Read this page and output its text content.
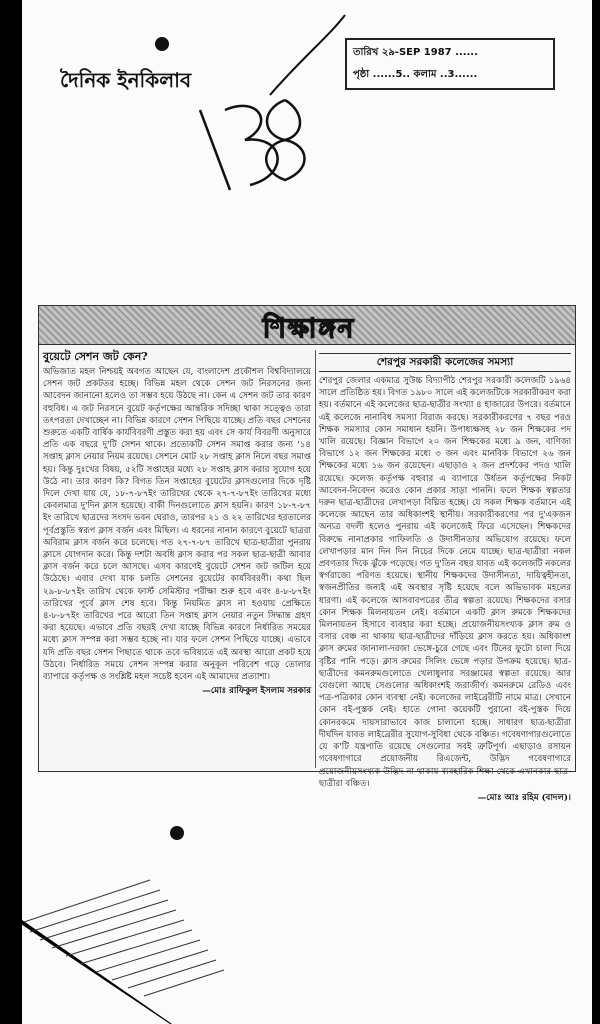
তারিখ ২৯-SEP 1987 ......
পৃষ্ঠা ......5.. কলাম ..3......
দৈনিক ইনকিলাব
শিক্ষাঙ্গন

বুয়েটে সেশন জট কেন?
অভিজাত মহল নিশ্চয়ই অবগত আছেন যে, বাংলাদেশ প্রকৌশল বিশ্ববিদ্যালয়ে সেশন জট প্রকটতর হচ্ছে। বিভিন্ন মহল থেকে সেশন জট নিরসনের জন্য আবেদন জানানো হলেও তা সম্ভব হয়ে উঠছে না। কেন এ সেশন জট তার কারণ বহুবিধ। এ জট নিরসনে বুয়েট কর্তৃপক্ষের আন্তরিক সদিচ্ছা থাকা সত্ত্বেও তারা তৎপরতা দেখাচ্ছেন না। বিভিন্ন কারণে সেশন পিছিয়ে যাচ্ছে। প্রতি বছর সেশনের শুরুতে একটি বার্ষিক কার্যবিবরণী প্রস্তুত করা হয় এবং সে কার্য বিবরণী অনুসারে প্রতি এক বছরে দু'টি সেশন থাকে। প্রত্যেকটি সেশন সমাপ্ত করার জন্য '১৪ সপ্তাহ ক্লাস নেয়ার নিয়ম রয়েছে। সেশনে মোট ২৮ সপ্তাহ ক্লাস নিলে বছর সমাপ্ত হয়। কিন্তু দুঃখের বিষয়, ৫২টি সপ্তাহের মধ্যে ২৮ সপ্তাহ ক্লাস করার সুযোগ হয়ে উঠে না। তার কারণ কি? বিগত তিন সপ্তাহের বুয়েটের ক্লাসগুলোর দিকে দৃষ্টি দিলে দেখা যায় যে, ১৮-৭-৮৭ইং তারিখের থেকে ২৭-৭-৮৭ইং তারিখের মধ্যে কেবলমাত্র দু'দিন ক্লাস হয়েছে। বাকী দিনগুলোতে ক্লাস হয়নি। কারণ ১৮-৭-৮৭ ইং তারিখে ছাত্রদের সংসদ ভবন ঘেরাও, তারপর ২১ ও ২২ তারিখের হরতালের পূর্বপ্রস্তুতি স্বরূপ ক্লাস বর্জন এবং মিছিল। এ ধরনের নানান কারণে বুয়েটে ছাত্ররা অবিরাম ক্লাস বর্জন করে চলেছে। গত ২৭-৭-৮৭ তারিখে ছাত্র-ছাত্রীরা পুনরায় ক্লাসে যোগদান করে। কিন্তু দশটা অবধি ক্লাস করার পর সকল ছাত্র-ছাত্রী আবার ক্লাস বর্জন করে চলে আসছে। এসব কারণেই বুয়েটে সেশন জট জটিল হয়ে উঠেছে। এবার দেখা যাক চলতি সেশনের বুয়েটের কার্যবিবরণী। কথা ছিল ২৯-৮-৮৭ইং তারিখ থেকে ফার্স্ট সেমিস্টার পরীক্ষা শুরু হবে এবং ৪-৮-৮৭ইং তারিখের পূর্বে ক্লাস শেষ হবে। কিন্তু নিয়মিত ক্লাস না হওয়ায় প্রেক্ষিতে ৪-৮-৮৭ইং তারিখের পরে আরো তিন সপ্তাহ ক্লাস নেয়ার নতুন সিদ্ধান্ত গ্রহণ করা হয়েছে। এভাবে প্রতি বছরই দেখা যাচ্ছে বিভিন্ন কারণে নির্ধারিত সময়ের মধ্যে ক্লাস সম্পন্ন করা সম্ভব হচ্ছে না। যার ফলে সেশন পিছিয়ে যাচ্ছে। এভাবে যদি প্রতি বছর সেশন পিছাতে থাকে তবে ভবিষ্যতে এই অবস্থা আরো প্রকট হয়ে উঠবে। নির্ধারিত সময়ে সেশন সম্পন্ন করার অনুকূল পরিবেশ গড়ে তোলার ব্যাপারে কর্তৃপক্ষ ও সংশ্লিষ্ট মহল সচেষ্ট হবেন এই আমাদের প্রত্যাশা।
—মোঃ রাফিকুল ইসলাম সরকার

শেরপুর সরকারী কলেজের সমস্যা
শেরপুর জেলার একমাত্র সুউচ্চ বিদ্যাপীঠ শেরপুর সরকারী কলেজটি ১৯৬৪ সালে প্রতিষ্ঠিত হয়। বিগত ১৯৮০ সালে এই কলেজটিকে সরকারীকরণ করা হয়। বর্তমানে এই কলেজের ছাত্র-ছাত্রীর সংখ্যা ৪ হাজারের উপরে। বর্তমানে এই কলেজে নানাবিধ সমস্যা বিরাজ করছে। সরকারীকরণের ৭ বছর পরও শিক্ষক সমস্যার কোন সমাধান হয়নি। উপাধ্যক্ষসহ ২৮ জন শিক্ষকের পদ খালি রয়েছে। বিজ্ঞান বিভাগে ২০ জন শিক্ষকের মধ্যে ৯ জন, বাণিজ্য বিভাগে ১২ জন শিক্ষকের মধ্যে ৩ জন এবং মানবিক বিভাগে ২৬ জন শিক্ষকের মধ্যে ১৬ জন রয়েছেন। এছাড়াও ২ জন প্রদর্শকের পদও খালি রয়েছে। কলেজ কর্তৃপক্ষ বহুবার এ ব্যাপারে উর্ধতন কর্তৃপক্ষের নিকট আবেদন-নিবেদন করেও কোন প্রকার সাড়া পাননি। ফলে শিক্ষক স্বল্পতার দরুন ছাত্র-ছাত্রীদের লেখাপড়া বিঘ্নিত হচ্ছে। যে সকল শিক্ষক বর্তমানে এই কলেজে আছেন তার অধিকাংশই স্থানীয়। সরকারীকরণের পর দু'একজন অন্যত্র বদলী হলেও পুনরায় এই কলেজেই ফিরে এসেছেন। শিক্ষকদের বিরুদ্ধে নানাপ্রকার গাফিলতি ও উদাসীনতার অভিযোগ রয়েছে। ফলে লেখাপড়ার মান দিন দিন নিচের দিকে নেমে যাচ্ছে। ছাত্র-ছাত্রীরা নকল প্রবণতার দিকে ঝুঁকে পড়েছে। গত দু'তিন বছর যাবত এই কলেজটি নকলের স্বর্গরাজ্যে পরিণত হয়েছে। স্থানীয় শিক্ষকদের উদাসীনতা, দায়িত্বহীনতা, স্বজনপ্রীতির জন্যই এই অবস্থার সৃষ্টি হয়েছে বলে অভিভাবক মহলের ধারণা। এই কলেজে আসবাবপত্রের তীব্র স্বল্পতা রয়েছে। শিক্ষকদের বসার কোন শিক্ষক মিলনায়তন নেই। বর্তমানে একটি ক্লাস রুমকে শিক্ষকদের মিলনায়তন হিসাবে ব্যবহার করা হচ্ছে। প্রয়োজনীয়সংখ্যক ক্লাস রুম ও বসার বেঞ্চ না থাকায় ছাত্র-ছাত্রীদের দাঁড়িয়ে ক্লাস করতে হয়। অধিকাংশ ক্লাস রুমের জানালা-দরজা ভেঙ্গে-চুরে গেছে এবং টিনের ফুটো চালা দিয়ে বৃষ্টির পানি পড়ে। ক্লাস রুমের সিলিং ভেঙ্গে পড়ার উপক্রম হয়েছে। ছাত্র-ছাত্রীদের কমনরুমগুলোতে খেলাধুলার সরঞ্জামের স্বল্পতা রয়েছে। আর যেগুলো আছে সেগুলোর অধিকাংশই জরাজীর্ণ। কমনরুমে রেডিও এবং পত্র-পত্রিকার কোন ব্যবস্থা নেই। কলেজের লাইব্রেরীটি নামে মাত্র। সেখানে কোন বই-পুস্তক নেই। হাতে গোনা কয়েকটি পুরানো বই-পুস্তক দিয়ে কোনরকমে দায়সারাভাবে কাজ চালানো হচ্ছে। সাধারণ ছাত্র-ছাত্রীরা দীর্ঘদিন যাবত লাইব্রেরীর সুযোগ-সুবিধা থেকে বঞ্চিত। গবেষণাগারগুলোতে যে ক'টি যন্ত্রপাতি রয়েছে সেগুলোর সবই ত্রুটিপূর্ণ। এছাড়াও রসায়ন গবেষণাগারে প্রয়োজনীয় রিএজেন্ট, উদ্ভিদ গবেষণাগারে প্রয়োজনীয়সংখ্যক উদ্ভিদ না থাকায় ব্যবহারিক শিক্ষা থেকে এখানকার ছাত্র-ছাত্রীরা বঞ্চিত।
—মোঃ আঃ রহিম (বাদল)।
